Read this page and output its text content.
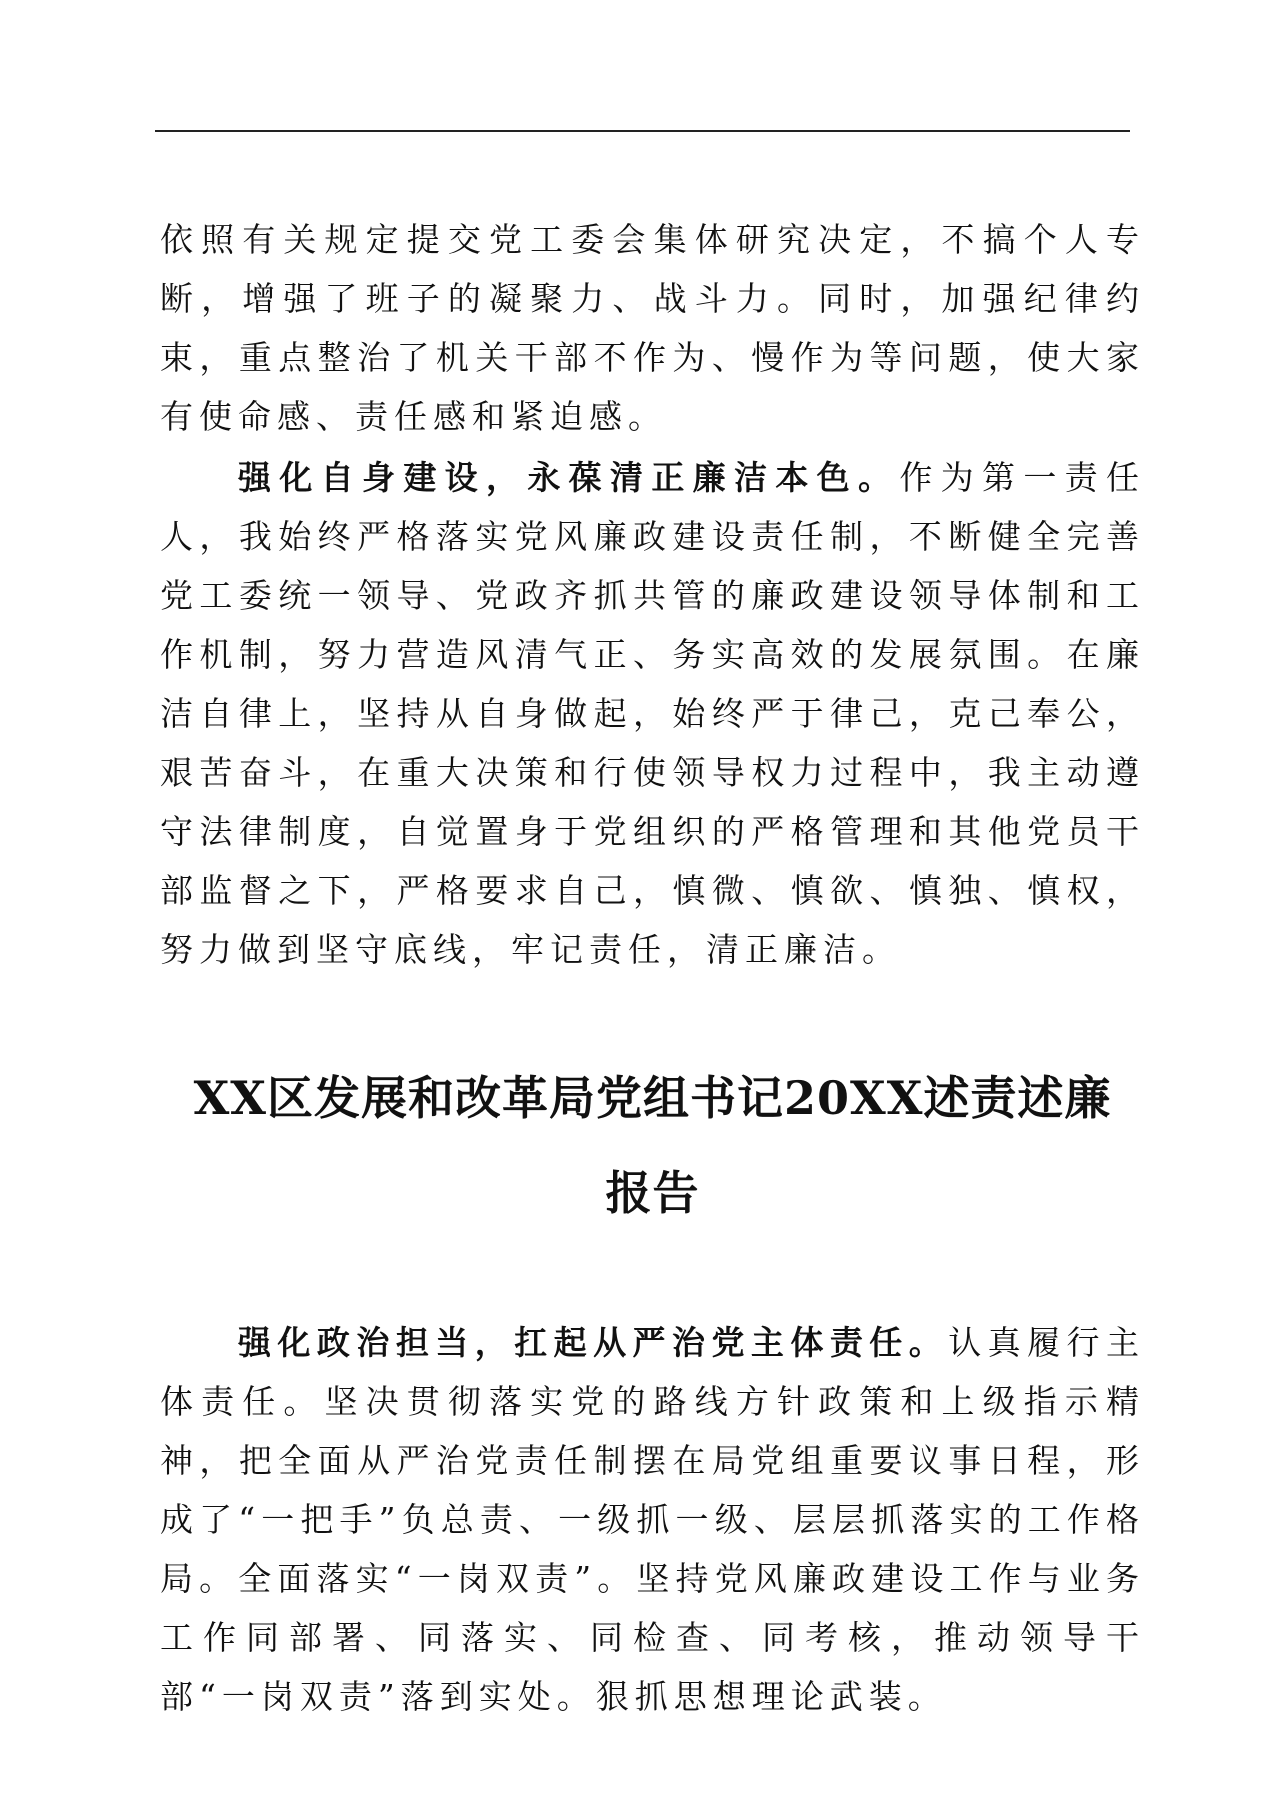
依照有关规定提交党工委会集体研究决定，不搞个人专断，增强了班子的凝聚力、战斗力。同时，加强纪律约束，重点整治了机关干部不作为、慢作为等问题，使大家有使命感、责任感和紧迫感。

强化自身建设，永葆清正廉洁本色。作为第一责任人，我始终严格落实党风廉政建设责任制，不断健全完善党工委统一领导、党政齐抓共管的廉政建设领导体制和工作机制，努力营造风清气正、务实高效的发展氛围。在廉洁自律上，坚持从自身做起，始终严于律己，克己奉公，艰苦奋斗，在重大决策和行使领导权力过程中，我主动遵守法律制度，自觉置身于党组织的严格管理和其他党员干部监督之下，严格要求自己，慎微、慎欲、慎独、慎权，努力做到坚守底线，牢记责任，清正廉洁。

XX区发展和改革局党组书记20XX述责述廉
报告

强化政治担当，扛起从严治党主体责任。认真履行主体责任。坚决贯彻落实党的路线方针政策和上级指示精神，把全面从严治党责任制摆在局党组重要议事日程，形成了“一把手”负总责、一级抓一级、层层抓落实的工作格局。全面落实“一岗双责”。坚持党风廉政建设工作与业务工作同部署、同落实、同检查、同考核，推动领导干部“一岗双责”落到实处。狠抓思想理论武装。
